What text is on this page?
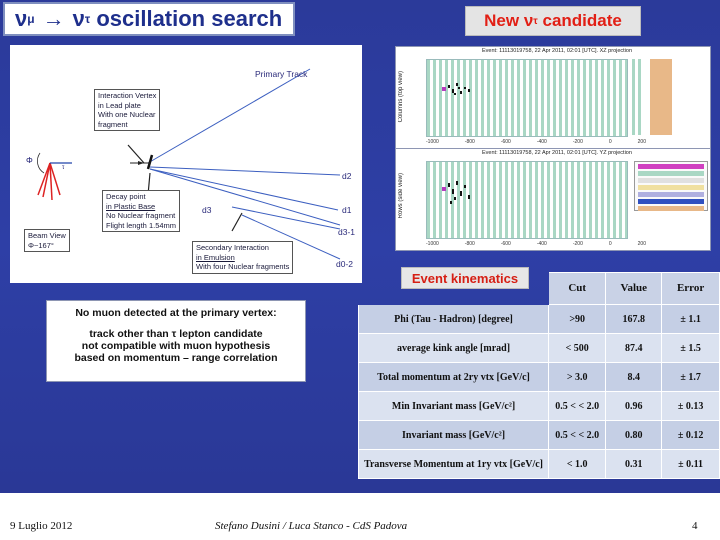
ν μ → ν τ
oscillation search	New ν τ candidate
Primary Track
Interaction Vertex
in Lead plate
With one Nuclear
fragment
Decay point
in Plastic Base
No Nuclear fragment
Flight length 1.54mm
Secondary Interaction
in Emulsion
With four Nuclear fragments
Beam View
Φ~167°
Φ
τ
d2
d1
d3
d3-1
d0-2
Event: 11113019758, 22 Apr 2011, 02:01 [UTC]. XZ projection
Columns (top view)
-1000	-800	-600	-400	-200	0	200
Event: 11113019758, 22 Apr 2011, 02:01 [UTC]. YZ projection
Rows (side view)
-1000	-800	-600	-400	-200	0	200
	Cut	Value	Error
Phi (Tau - Hadron) [degree]	>90	167.8	± 1.1
average kink angle [mrad]	< 500	87.4	± 1.5
Total momentum at 2ry vtx [GeV/c]	> 3.0	8.4	± 1.7
Min Invariant mass [GeV/c²]	0.5 < < 2.0	0.96	± 0.13
Invariant mass [GeV/c²]	0.5 < < 2.0	0.80	± 0.12
Transverse Momentum at 1ry vtx [GeV/c]	< 1.0	0.31	± 0.11
Event kinematics
No muon detected at the primary vertex:
track other than τ lepton candidate
not compatible with muon hypothesis
based on momentum – range correlation
9 Luglio 2012	Stefano Dusini / Luca Stanco - CdS Padova	4
